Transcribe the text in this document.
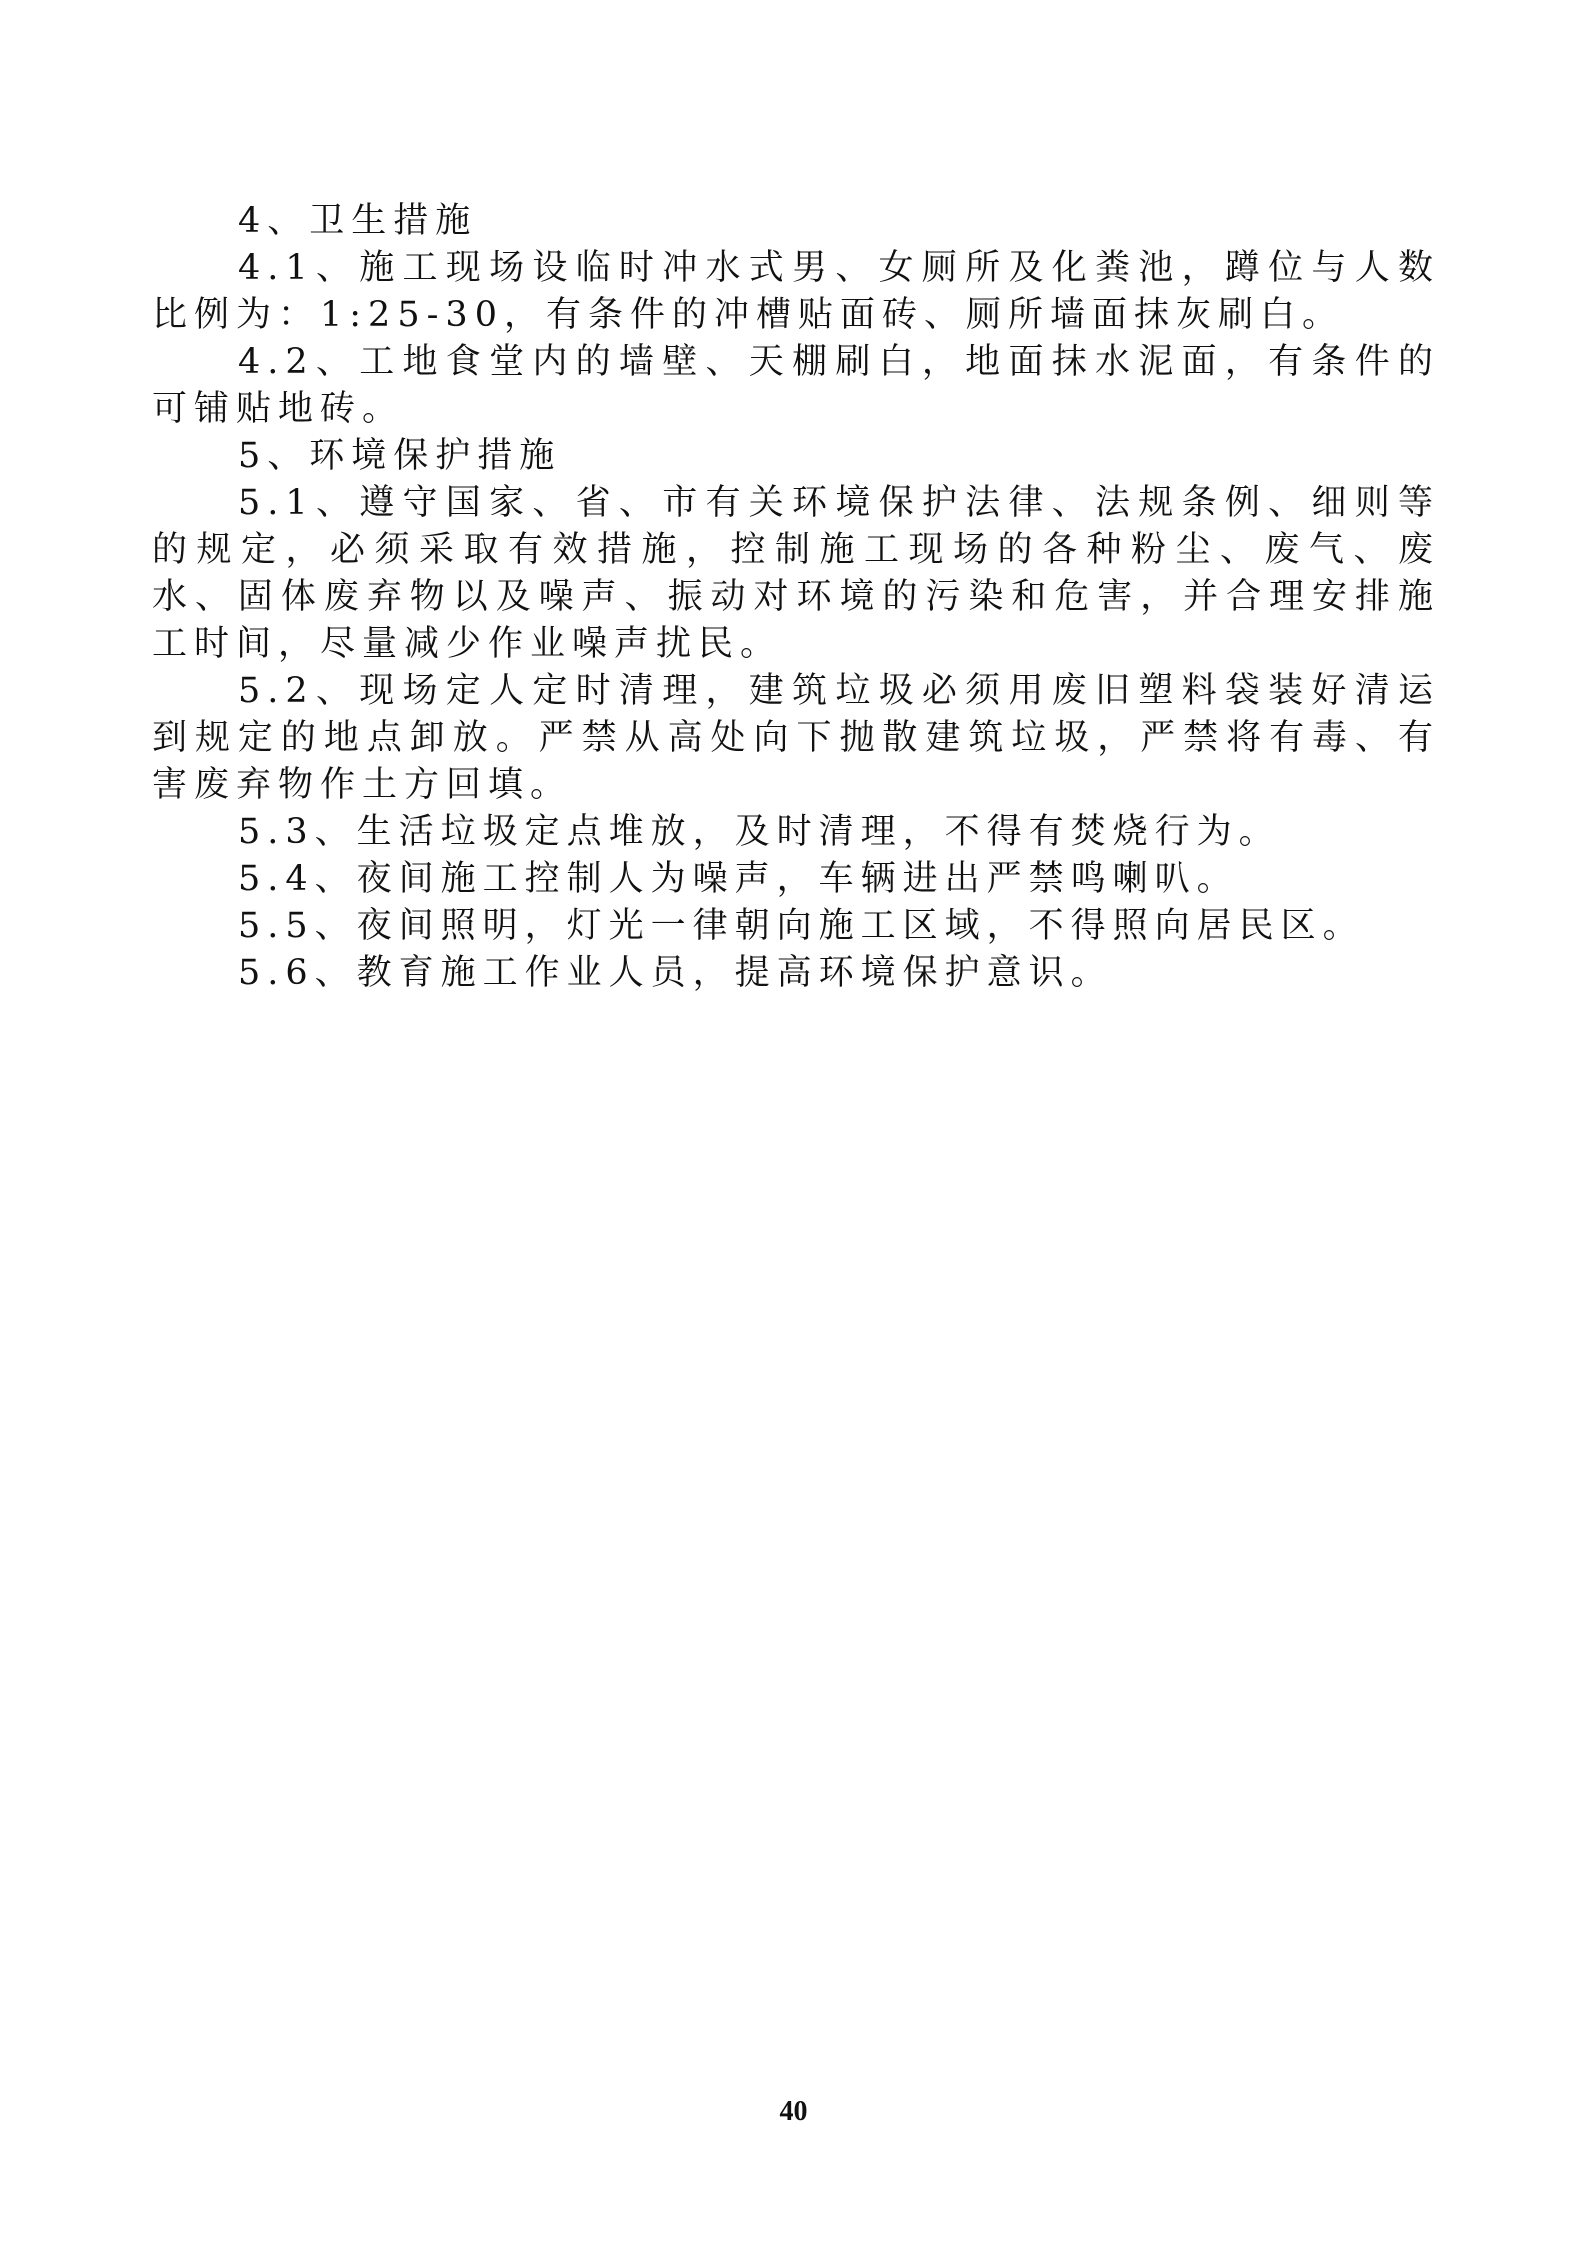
4、卫生措施

4.1、施工现场设临时冲水式男、女厕所及化粪池，蹲位与人数比例为：1:25-30，有条件的冲槽贴面砖、厕所墙面抹灰刷白。

4.2、工地食堂内的墙壁、天棚刷白，地面抹水泥面，有条件的可铺贴地砖。

5、环境保护措施

5.1、遵守国家、省、市有关环境保护法律、法规条例、细则等的规定，必须采取有效措施，控制施工现场的各种粉尘、废气、废水、固体废弃物以及噪声、振动对环境的污染和危害，并合理安排施工时间，尽量减少作业噪声扰民。

5.2、现场定人定时清理，建筑垃圾必须用废旧塑料袋装好清运到规定的地点卸放。严禁从高处向下抛散建筑垃圾，严禁将有毒、有害废弃物作土方回填。

5.3、生活垃圾定点堆放，及时清理，不得有焚烧行为。

5.4、夜间施工控制人为噪声，车辆进出严禁鸣喇叭。

5.5、夜间照明，灯光一律朝向施工区域，不得照向居民区。

5.6、教育施工作业人员，提高环境保护意识。

40
